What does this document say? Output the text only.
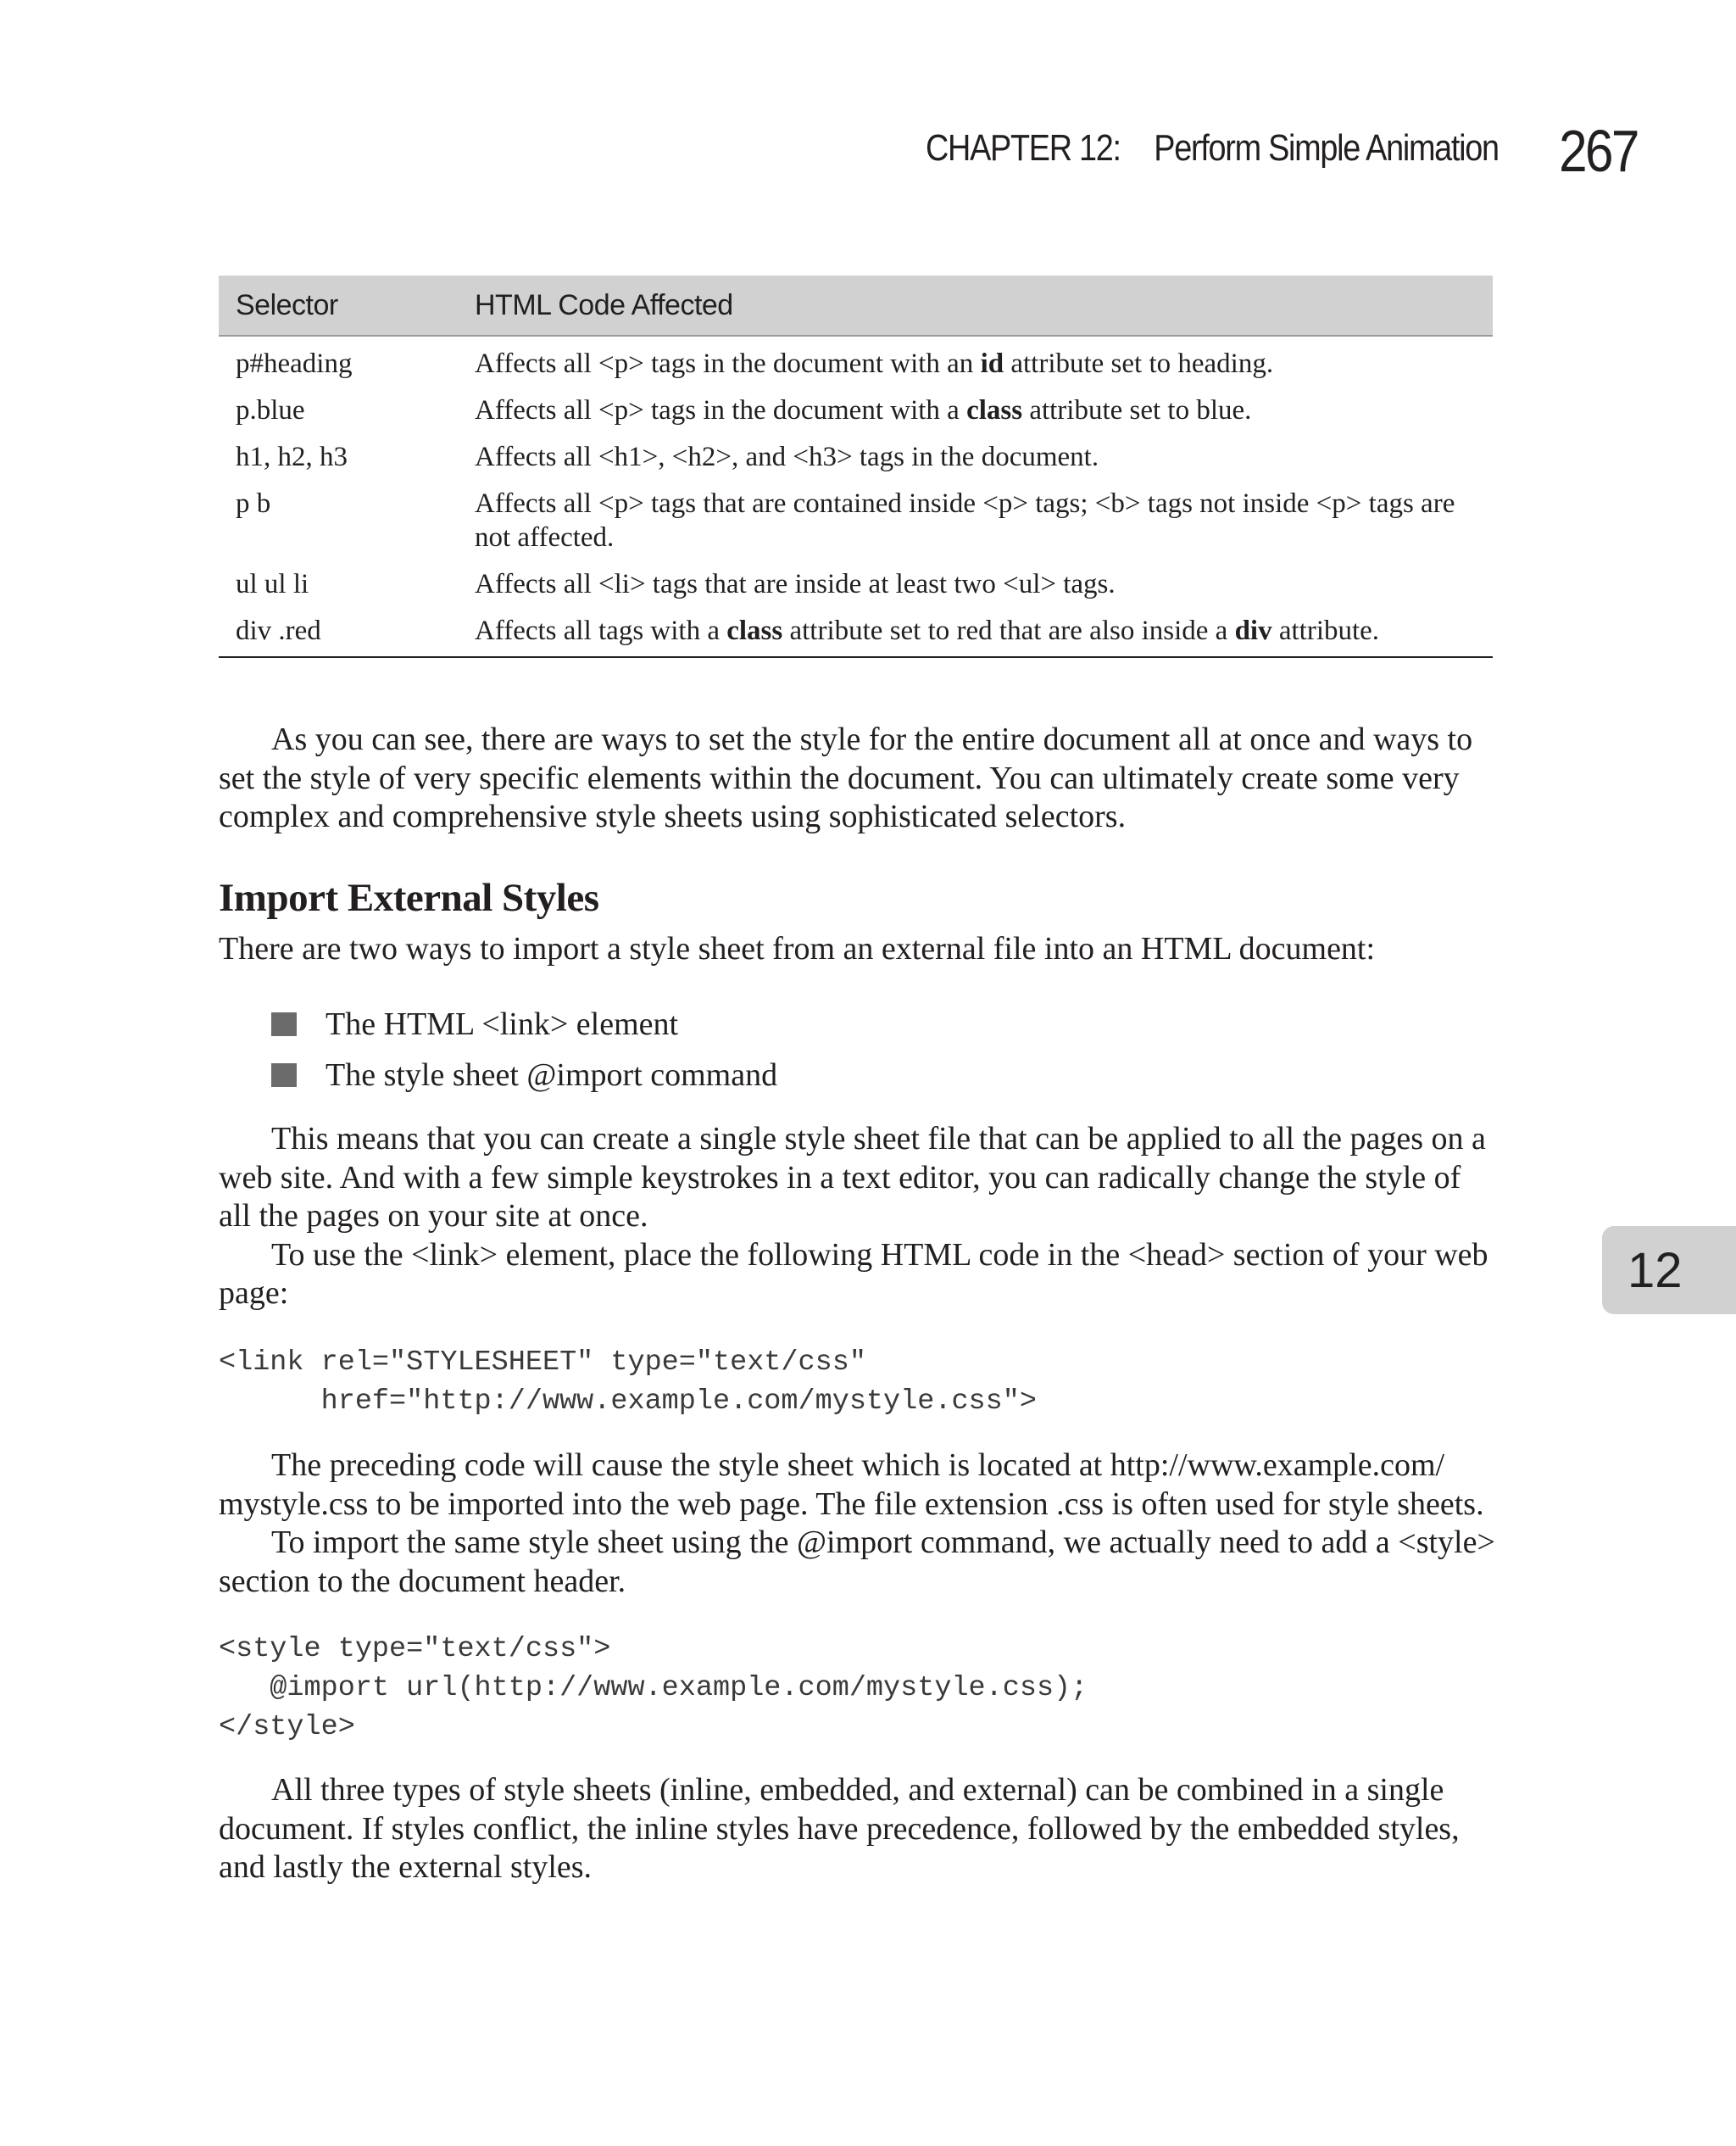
CHAPTER 12: Perform Simple Animation 267
12
Selector	HTML Code Affected
p#heading	Affects all <p> tags in the document with an id attribute set to heading.
p.blue	Affects all <p> tags in the document with a class attribute set to blue.
h1, h2, h3	Affects all <h1>, <h2>, and <h3> tags in the document.
p b	Affects all <p> tags that are contained inside <p> tags; <b> tags not inside <p> tags are not affected.
ul ul li	Affects all <li> tags that are inside at least two <ul> tags.
div .red	Affects all tags with a class attribute set to red that are also inside a div attribute.

As you can see, there are ways to set the style for the entire document all at once and ways to set the style of very specific elements within the document. You can ultimately create some very complex and comprehensive style sheets using sophisticated selectors.

Import External Styles

There are two ways to import a style sheet from an external file into an HTML document:

The HTML <link> element
The style sheet @import command

This means that you can create a single style sheet file that can be applied to all the pages on a web site. And with a few simple keystrokes in a text editor, you can radically change the style of all the pages on your site at once.

To use the <link> element, place the following HTML code in the <head> section of your web page:

<link rel="STYLESHEET" type="text/css"
href="http://www.example.com/mystyle.css">

The preceding code will cause the style sheet which is located at http://www.example.com/ mystyle.css to be imported into the web page. The file extension .css is often used for style sheets.

To import the same style sheet using the @import command, we actually need to add a <style> section to the document header.

<style type="text/css">
@import url(http://www.example.com/mystyle.css);
</style>

All three types of style sheets (inline, embedded, and external) can be combined in a single document. If styles conflict, the inline styles have precedence, followed by the embedded styles, and lastly the external styles.
